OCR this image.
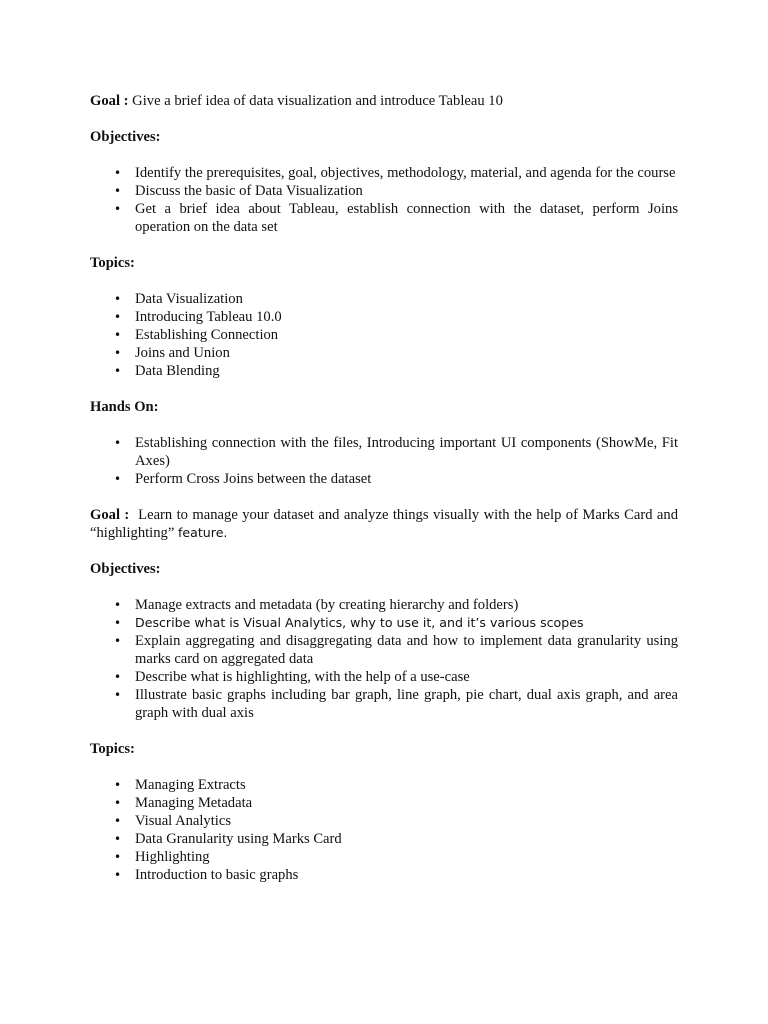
Goal : Give a brief idea of data visualization and introduce Tableau 10

Objectives:

• Identify the prerequisites, goal, objectives, methodology, material, and agenda for the course
• Discuss the basic of Data Visualization
• Get a brief idea about Tableau, establish connection with the dataset, perform Joins operation on the data set

Topics:

• Data Visualization
• Introducing Tableau 10.0
• Establishing Connection
• Joins and Union
• Data Blending

Hands On:

• Establishing connection with the files, Introducing important UI components (ShowMe, Fit Axes)
• Perform Cross Joins between the dataset

Goal : Learn to manage your dataset and analyze things visually with the help of Marks Card and “highlighting” feature.

Objectives:

• Manage extracts and metadata (by creating hierarchy and folders)
• Describe what is Visual Analytics, why to use it, and it’s various scopes
• Explain aggregating and disaggregating data and how to implement data granularity using marks card on aggregated data
• Describe what is highlighting, with the help of a use-case
• Illustrate basic graphs including bar graph, line graph, pie chart, dual axis graph, and area graph with dual axis

Topics:

• Managing Extracts
• Managing Metadata
• Visual Analytics
• Data Granularity using Marks Card
• Highlighting
• Introduction to basic graphs
